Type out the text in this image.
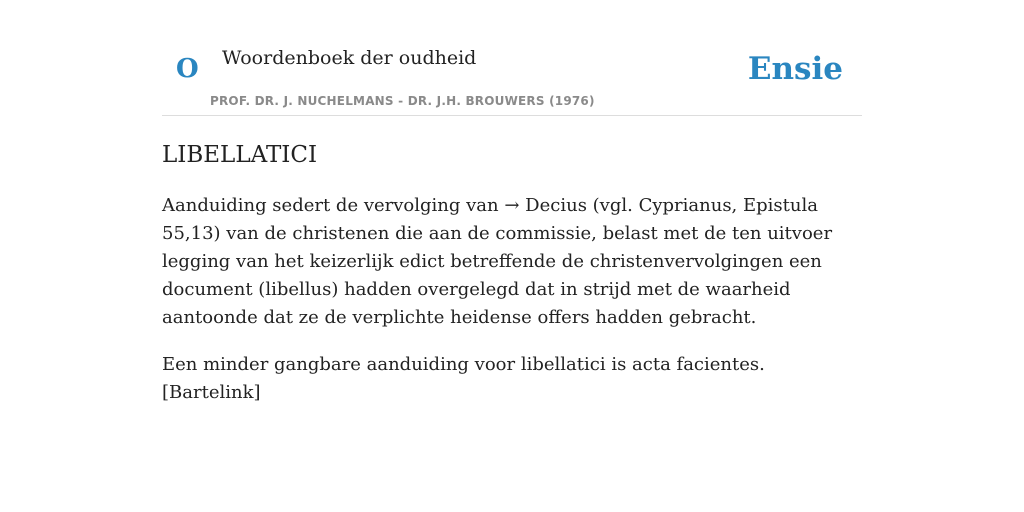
O Woordenboek der oudheid
PROF. DR. J. NUCHELMANS - DR. J.H. BROUWERS (1976)
Ensie
LIBELLATICI

Aanduiding sedert de vervolging van → Decius (vgl. Cyprianus, Epistula 55,13) van de christenen die aan de commissie, belast met de ten uitvoer legging van het keizerlijk edict betreffende de christenvervolgingen een document (libellus) hadden overgelegd dat in strijd met de waarheid aantoonde dat ze de verplichte heidense offers hadden gebracht.

Een minder gangbare aanduiding voor libellatici is acta facientes. [Bartelink]
